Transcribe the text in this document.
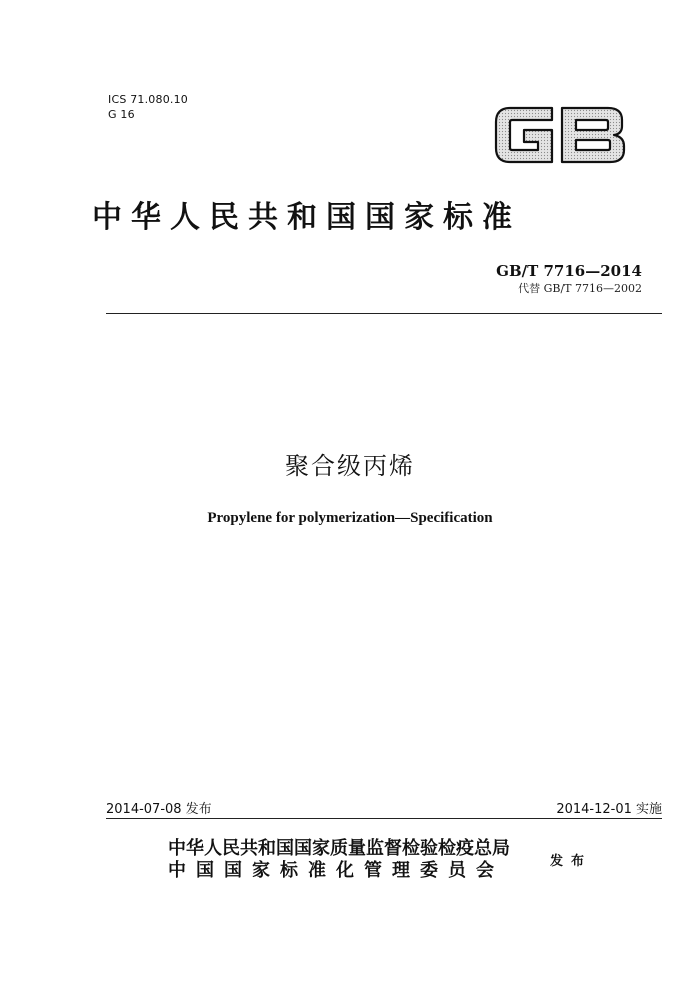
ICS 71.080.10
G 16
中华人民共和国国家标准
GB/T 7716—2014
代替 GB/T 7716—2002
聚合级丙烯
Propylene for polymerization—Specification
2014-07-08 发布	2014-12-01 实施
中华人民共和国国家质量监督检验检疫总局
中国国家标准化管理委员会	发布
